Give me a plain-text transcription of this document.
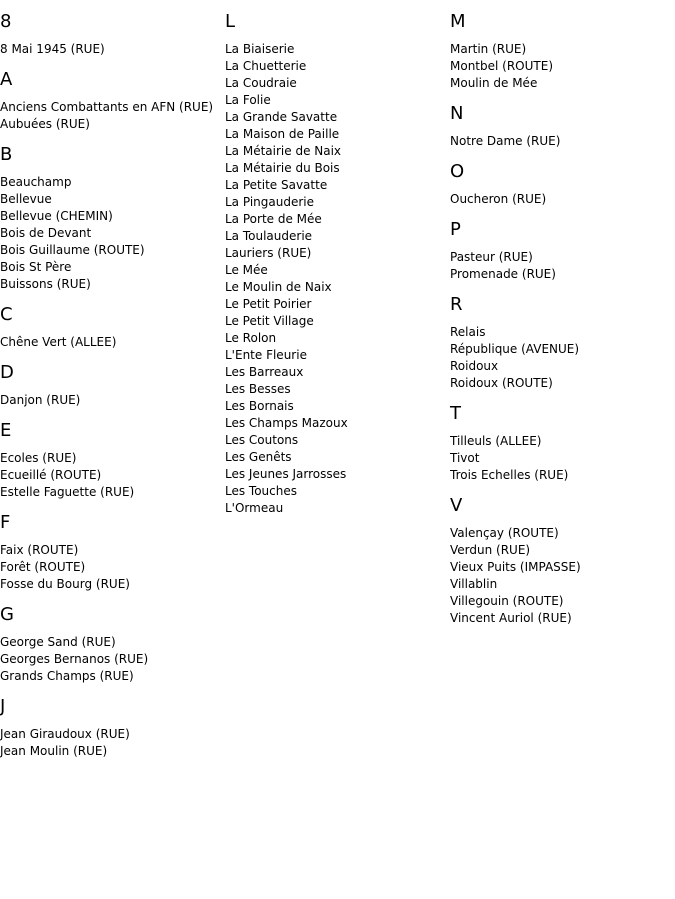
8
8 Mai 1945 (RUE)
A
Anciens Combattants en AFN (RUE)
Aubuées (RUE)
B
Beauchamp
Bellevue
Bellevue (CHEMIN)
Bois de Devant
Bois Guillaume (ROUTE)
Bois St Père
Buissons (RUE)
C
Chêne Vert (ALLEE)
D
Danjon (RUE)
E
Ecoles (RUE)
Ecueillé (ROUTE)
Estelle Faguette (RUE)
F
Faix (ROUTE)
Forêt (ROUTE)
Fosse du Bourg (RUE)
G
George Sand (RUE)
Georges Bernanos (RUE)
Grands Champs (RUE)
J
Jean Giraudoux (RUE)
Jean Moulin (RUE)
L
La Biaiserie
La Chuetterie
La Coudraie
La Folie
La Grande Savatte
La Maison de Paille
La Métairie de Naix
La Métairie du Bois
La Petite Savatte
La Pingauderie
La Porte de Mée
La Toulauderie
Lauriers (RUE)
Le Mée
Le Moulin de Naix
Le Petit Poirier
Le Petit Village
Le Rolon
L'Ente Fleurie
Les Barreaux
Les Besses
Les Bornais
Les Champs Mazoux
Les Coutons
Les Genêts
Les Jeunes Jarrosses
Les Touches
L'Ormeau
M
Martin (RUE)
Montbel (ROUTE)
Moulin de Mée
N
Notre Dame (RUE)
O
Oucheron (RUE)
P
Pasteur (RUE)
Promenade (RUE)
R
Relais
République (AVENUE)
Roidoux
Roidoux (ROUTE)
T
Tilleuls (ALLEE)
Tivot
Trois Echelles (RUE)
V
Valençay (ROUTE)
Verdun (RUE)
Vieux Puits (IMPASSE)
Villablin
Villegouin (ROUTE)
Vincent Auriol (RUE)
